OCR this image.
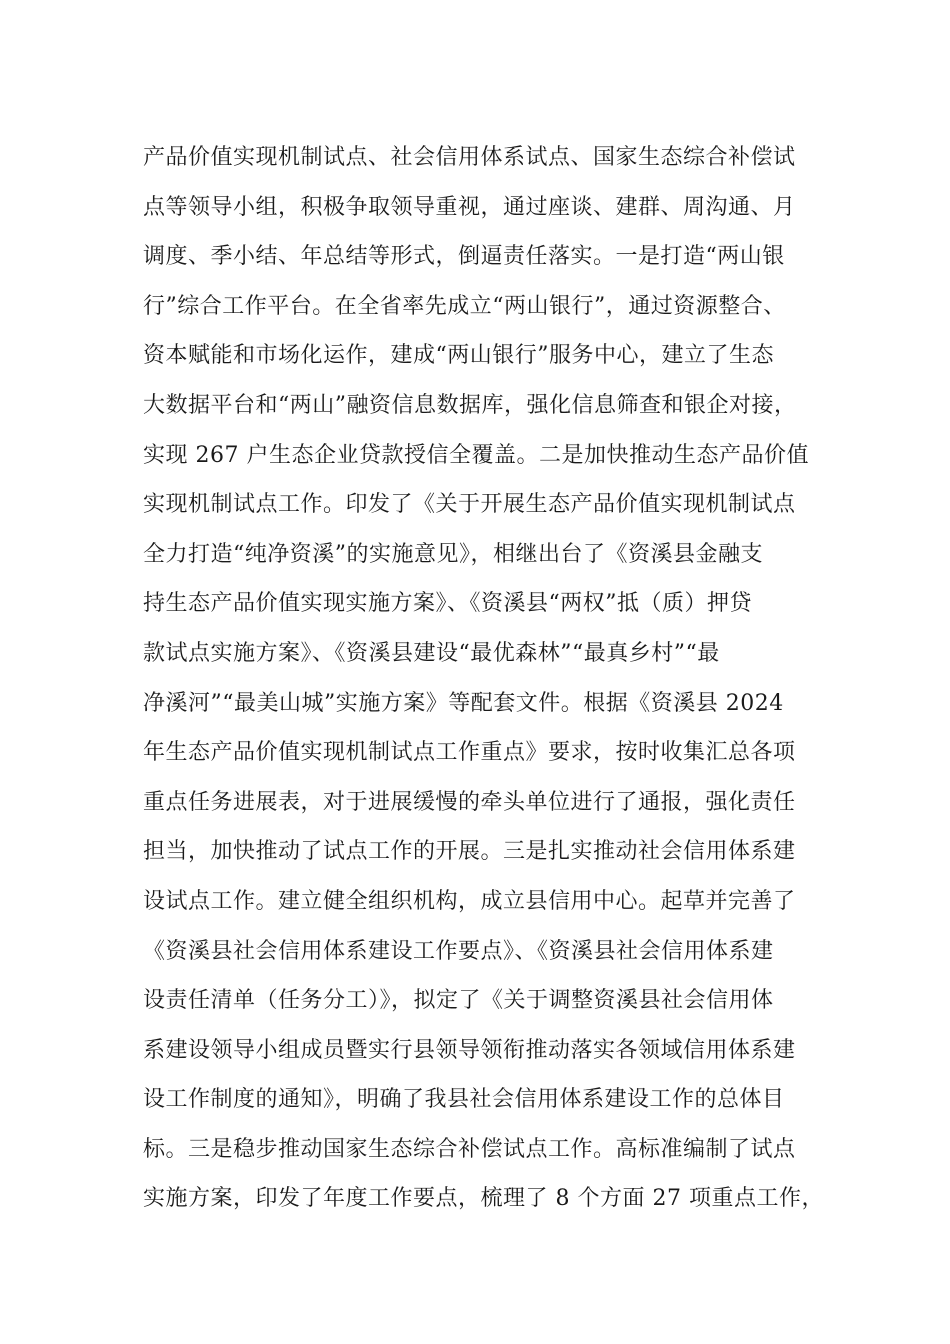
产品价值实现机制试点、社会信用体系试点、国家生态综合补偿试
点等领导小组，积极争取领导重视，通过座谈、建群、周沟通、月
调度、季小结、年总结等形式，倒逼责任落实。一是打造“两山银
行”综合工作平台。在全省率先成立“两山银行”，通过资源整合、
资本赋能和市场化运作，建成“两山银行”服务中心，建立了生态
大数据平台和“两山”融资信息数据库，强化信息筛查和银企对接，
实现 267 户生态企业贷款授信全覆盖。二是加快推动生态产品价值
实现机制试点工作。印发了《关于开展生态产品价值实现机制试点
全力打造“纯净资溪”的实施意见》，相继出台了《资溪县金融支
持生态产品价值实现实施方案》、《资溪县“两权”抵（质）押贷
款试点实施方案》、《资溪县建设“最优森林”“最真乡村”“最
净溪河”“最美山城”实施方案》等配套文件。根据《资溪县 2024
年生态产品价值实现机制试点工作重点》要求，按时收集汇总各项
重点任务进展表，对于进展缓慢的牵头单位进行了通报，强化责任
担当，加快推动了试点工作的开展。三是扎实推动社会信用体系建
设试点工作。建立健全组织机构，成立县信用中心。起草并完善了
《资溪县社会信用体系建设工作要点》、《资溪县社会信用体系建
设责任清单（任务分工）》，拟定了《关于调整资溪县社会信用体
系建设领导小组成员暨实行县领导领衔推动落实各领域信用体系建
设工作制度的通知》，明确了我县社会信用体系建设工作的总体目
标。三是稳步推动国家生态综合补偿试点工作。高标准编制了试点
实施方案，印发了年度工作要点，梳理了 8 个方面 27 项重点工作，
